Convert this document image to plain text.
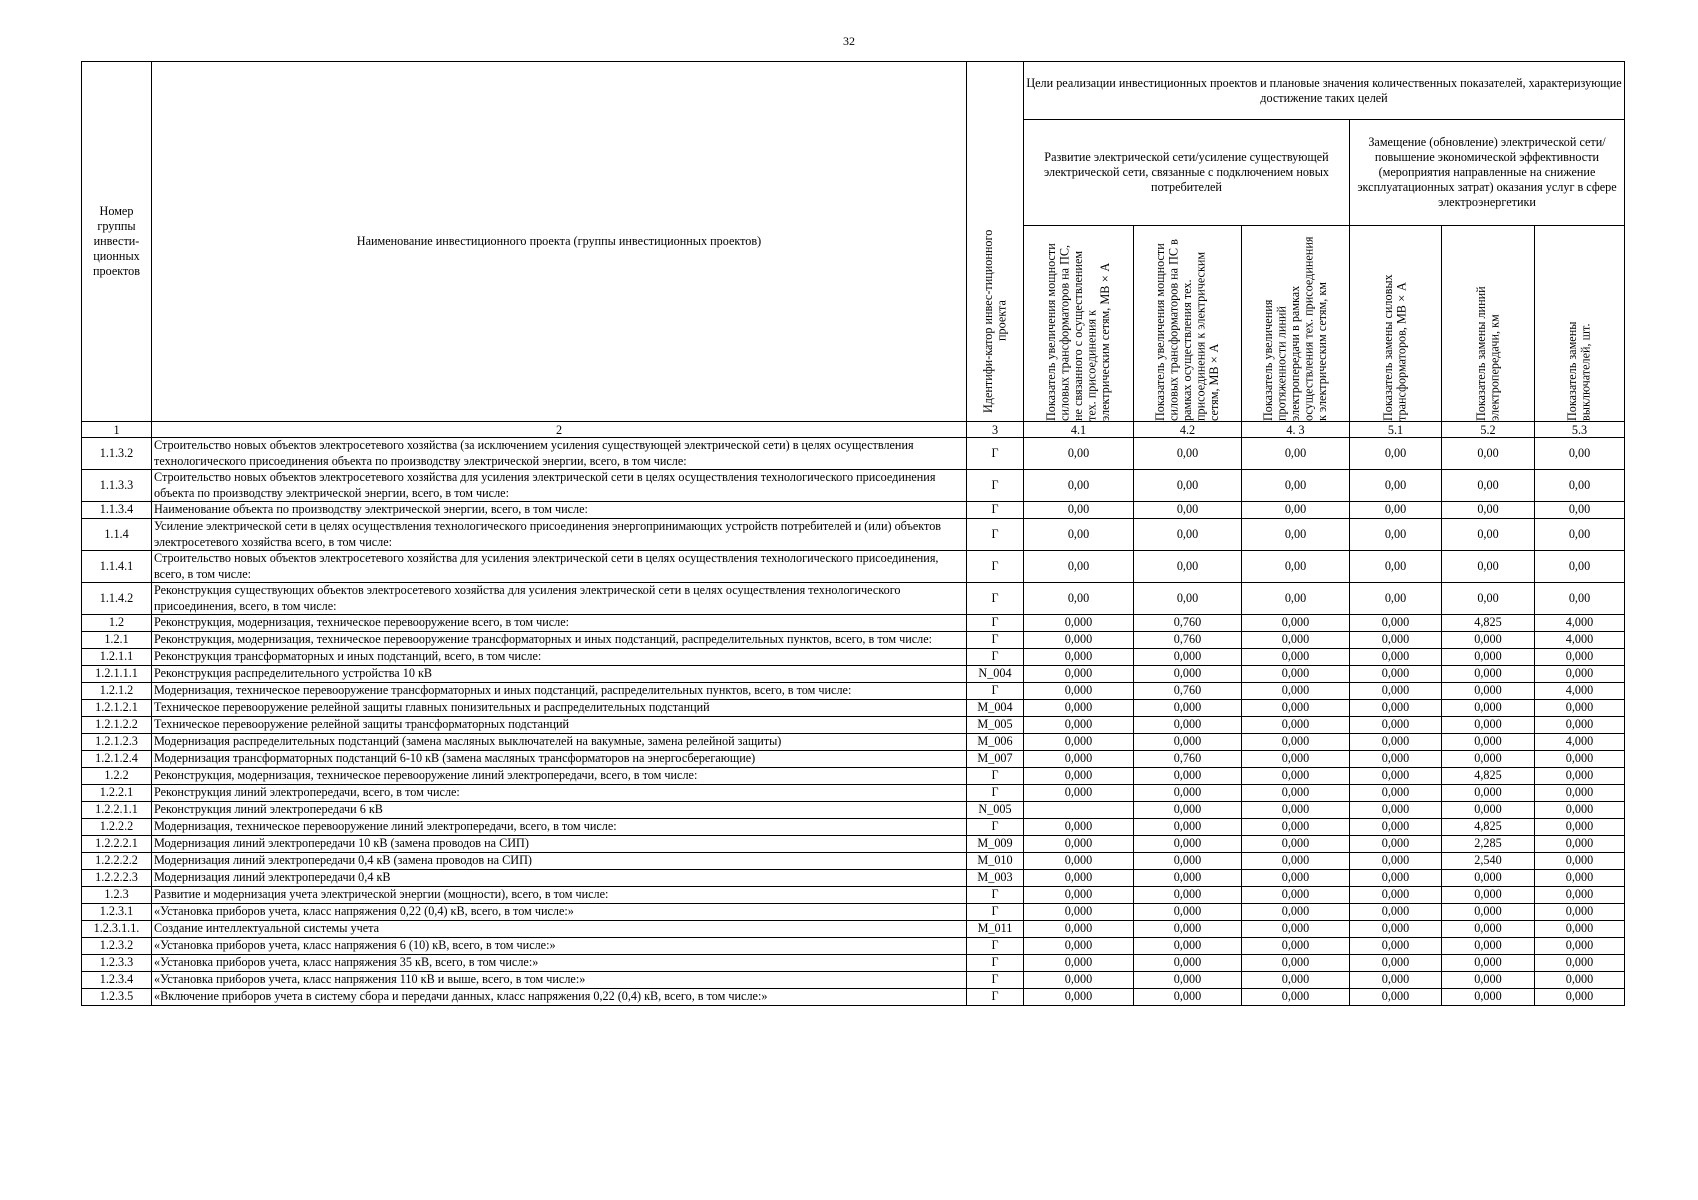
32
Номер группы инвести-ционных проектов	Наименование инвестиционного проекта (группы инвестиционных проектов)	Идентифи-катор инвес-тиционного проекта	Цели реализации инвестиционных проектов и плановые значения количественных показателей, характеризующие достижение таких целей					
			Развитие электрической сети/усиление существующей электрической сети, связанные с подключением новых потребителей			Замещение (обновление) электрической сети/повышение экономической эффективности (мероприятия направленные на снижение эксплуатационных затрат) оказания услуг в сфере электроэнергетики		

			Показатель увеличения мощности силовых трансформаторов на ПС, не связанного с осуществлением тех. присоединения к электрическим сетям, МВ×А	Показатель увеличения мощности силовых трансформаторов на ПС в рамках осуществления тех. присоединения к электрическим сетям, МВ×А	Показатель увеличения протяженности линий электропередачи в рамках осуществления тех. присоединения к электрическим сетям, км	Показатель замены силовых трансформаторов, МВ×А	Показатель замены линий электропередачи, км	Показатель замены выключателей, шт.

1	2	3	4.1	4.2	4. 3	5.1	5.2	5.3
1.1.3.2	Строительство новых объектов электросетевого хозяйства (за исключением усиления существующей электрической сети) в целях осуществления технологического присоединения объекта по производству электрической энергии, всего, в том числе:	Г	0,00	0,00	0,00	0,00	0,00	0,00
1.1.3.3	Строительство новых объектов электросетевого хозяйства для усиления электрической сети в целях осуществления технологического присоединения объекта по производству электрической энергии, всего, в том числе:	Г	0,00	0,00	0,00	0,00	0,00	0,00
1.1.3.4	Наименование объекта по производству электрической энергии, всего, в том числе:	Г	0,00	0,00	0,00	0,00	0,00	0,00
1.1.4	Усиление электрической сети в целях осуществления технологического присоединения энергопринимающих устройств потребителей и (или) объектов электросетевого хозяйства всего, в том числе:	Г	0,00	0,00	0,00	0,00	0,00	0,00
1.1.4.1	Строительство новых объектов электросетевого хозяйства для усиления электрической сети в целях осуществления технологического присоединения, всего, в том числе:	Г	0,00	0,00	0,00	0,00	0,00	0,00
1.1.4.2	Реконструкция существующих объектов электросетевого хозяйства для усиления электрической сети в целях осуществления технологического присоединения, всего, в том числе:	Г	0,00	0,00	0,00	0,00	0,00	0,00
1.2	Реконструкция, модернизация, техническое перевооружение всего, в том числе:	Г	0,000	0,760	0,000	0,000	4,825	4,000
1.2.1	Реконструкция, модернизация, техническое перевооружение трансформаторных и иных подстанций, распределительных пунктов, всего, в том числе:	Г	0,000	0,760	0,000	0,000	0,000	4,000
1.2.1.1	Реконструкция трансформаторных и иных подстанций, всего, в том числе:	Г	0,000	0,000	0,000	0,000	0,000	0,000
1.2.1.1.1	Реконструкция распределительного устройства 10 кВ	N_004	0,000	0,000	0,000	0,000	0,000	0,000
1.2.1.2	Модернизация, техническое перевооружение трансформаторных и иных подстанций, распределительных пунктов, всего, в том числе:	Г	0,000	0,760	0,000	0,000	0,000	4,000
1.2.1.2.1	Техническое перевооружение релейной защиты главных понизительных и распределительных подстанций	M_004	0,000	0,000	0,000	0,000	0,000	0,000
1.2.1.2.2	Техническое перевооружение релейной защиты трансформаторных подстанций	M_005	0,000	0,000	0,000	0,000	0,000	0,000
1.2.1.2.3	Модернизация распределительных подстанций (замена масляных выключателей на вакумные, замена релейной защиты)	M_006	0,000	0,000	0,000	0,000	0,000	4,000
1.2.1.2.4	Модернизация трансформаторных подстанций 6-10 кВ (замена масляных трансформаторов на энергосберегающие)	M_007	0,000	0,760	0,000	0,000	0,000	0,000
1.2.2	Реконструкция, модернизация, техническое перевооружение линий электропередачи, всего, в том числе:	Г	0,000	0,000	0,000	0,000	4,825	0,000
1.2.2.1	Реконструкция линий электропередачи, всего, в том числе:	Г	0,000	0,000	0,000	0,000	0,000	0,000
1.2.2.1.1	Реконструкция линий электропередачи 6 кВ	N_005		0,000	0,000	0,000	0,000	0,000
1.2.2.2	Модернизация, техническое перевооружение линий электропередачи, всего, в том числе:	Г	0,000	0,000	0,000	0,000	4,825	0,000
1.2.2.2.1	Модернизация линий электропередачи 10 кВ (замена проводов на СИП)	M_009	0,000	0,000	0,000	0,000	2,285	0,000
1.2.2.2.2	Модернизация линий электропередачи 0,4 кВ (замена проводов на СИП)	M_010	0,000	0,000	0,000	0,000	2,540	0,000
1.2.2.2.3	Модернизация линий электропередачи 0,4 кВ	M_003	0,000	0,000	0,000	0,000	0,000	0,000
1.2.3	Развитие и модернизация учета электрической энергии (мощности), всего, в том числе:	Г	0,000	0,000	0,000	0,000	0,000	0,000
1.2.3.1	«Установка приборов учета, класс напряжения 0,22 (0,4) кВ, всего, в том числе:»	Г	0,000	0,000	0,000	0,000	0,000	0,000
1.2.3.1.1.	Создание интеллектуальной системы учета	M_011	0,000	0,000	0,000	0,000	0,000	0,000
1.2.3.2	«Установка приборов учета, класс напряжения 6 (10) кВ, всего, в том числе:»	Г	0,000	0,000	0,000	0,000	0,000	0,000
1.2.3.3	«Установка приборов учета, класс напряжения 35 кВ, всего, в том числе:»	Г	0,000	0,000	0,000	0,000	0,000	0,000
1.2.3.4	«Установка приборов учета, класс напряжения 110 кВ и выше, всего, в том числе:»	Г	0,000	0,000	0,000	0,000	0,000	0,000
1.2.3.5	«Включение приборов учета в систему сбора и передачи данных, класс напряжения 0,22 (0,4) кВ, всего, в том числе:»	Г	0,000	0,000	0,000	0,000	0,000	0,000
